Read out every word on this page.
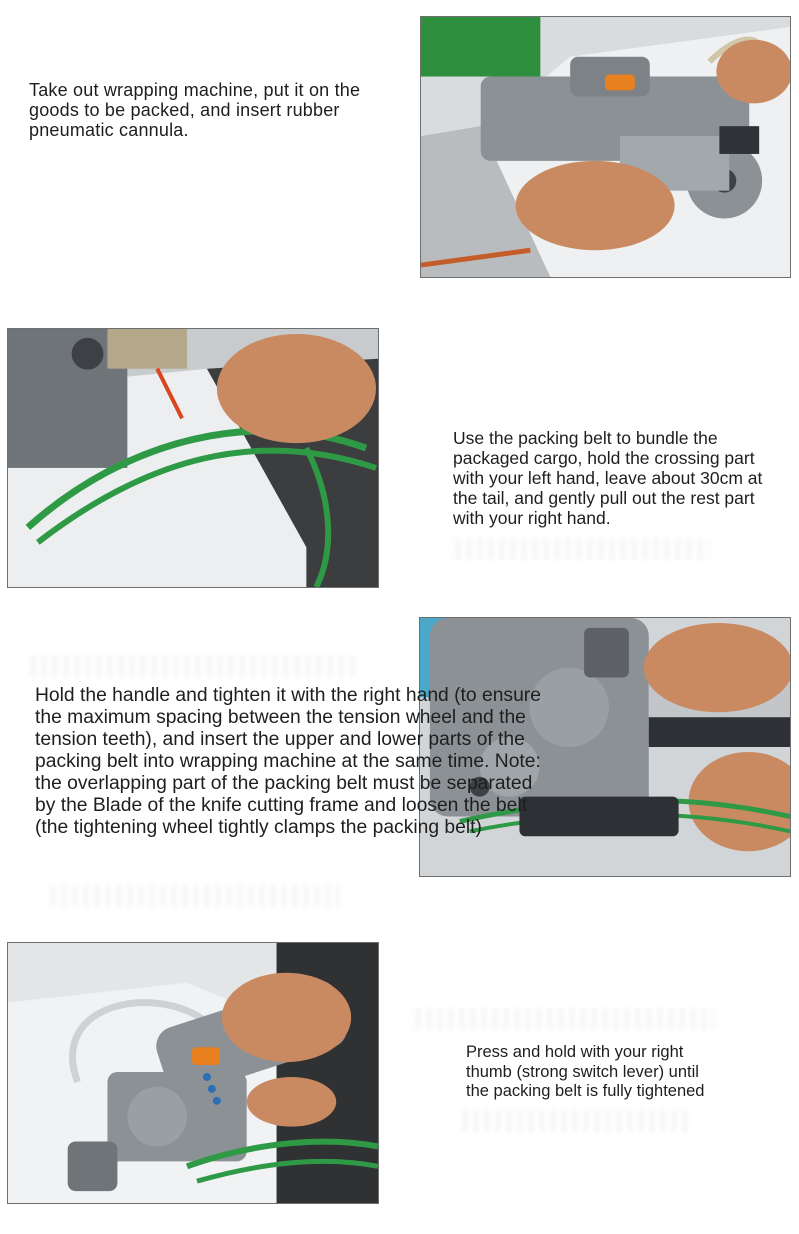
Take out wrapping machine, put it on the goods to be packed, and insert rubber pneumatic cannula.

Use the packing belt to bundle the packaged cargo, hold the crossing part with your left hand, leave about 30cm at the tail, and gently pull out the rest part with your right hand.

Hold the handle and tighten it with the right hand (to ensure the maximum spacing between the tension wheel and the tension teeth), and insert the upper and lower parts of the packing belt into wrapping machine at the same time. Note: the overlapping part of the packing belt must be separated by the Blade of the knife cutting frame and loosen the belt (the tightening wheel tightly clamps the packing belt)

Press and hold with your right thumb (strong switch lever) until the packing belt is fully tightened
